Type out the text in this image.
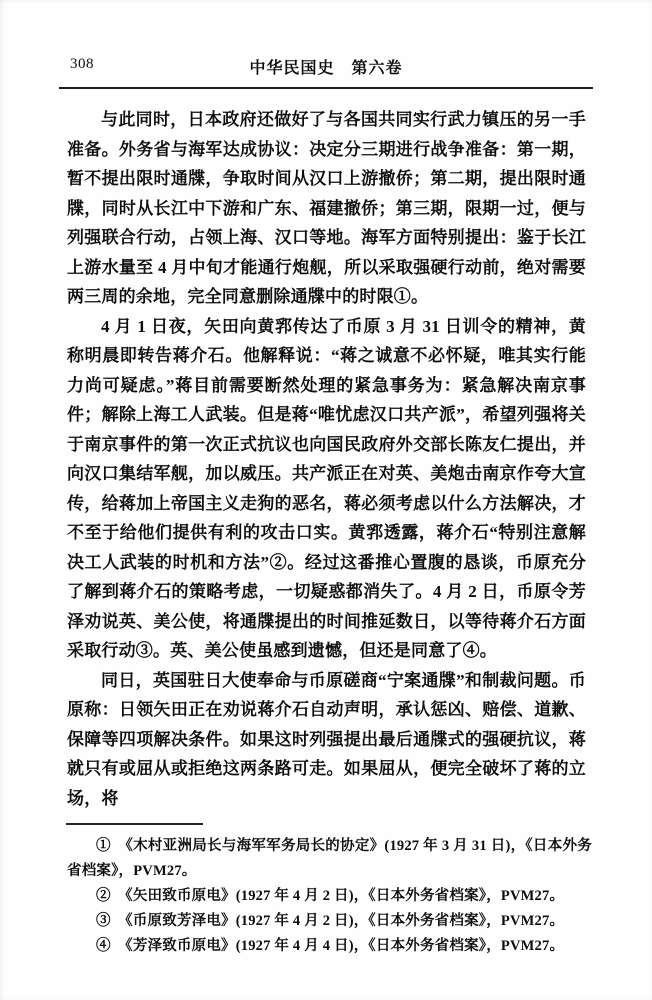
308	中华民国史　第六卷

与此同时，日本政府还做好了与各国共同实行武力镇压的另一手准备。外务省与海军达成协议：决定分三期进行战争准备：第一期，暂不提出限时通牒，争取时间从汉口上游撤侨；第二期，提出限时通牒，同时从长江中下游和广东、福建撤侨；第三期，限期一过，便与列强联合行动，占领上海、汉口等地。海军方面特别提出：鉴于长江上游水量至 4 月中旬才能通行炮舰，所以采取强硬行动前，绝对需要两三周的余地，完全同意删除通牒中的时限①。

4 月 1 日夜，矢田向黄郛传达了币原 3 月 31 日训令的精神，黄称明晨即转告蒋介石。他解释说：“蒋之诚意不必怀疑，唯其实行能力尚可疑虑。”蒋目前需要断然处理的紧急事务为：紧急解决南京事件；解除上海工人武装。但是蒋“唯忧虑汉口共产派”，希望列强将关于南京事件的第一次正式抗议也向国民政府外交部长陈友仁提出，并向汉口集结军舰，加以威压。共产派正在对英、美炮击南京作夸大宣传，给蒋加上帝国主义走狗的恶名，蒋必须考虑以什么方法解决，才不至于给他们提供有利的攻击口实。黄郛透露，蒋介石“特别注意解决工人武装的时机和方法”②。经过这番推心置腹的恳谈，币原充分了解到蒋介石的策略考虑，一切疑惑都消失了。4 月 2 日，币原令芳泽劝说英、美公使，将通牒提出的时间推延数日，以等待蒋介石方面采取行动③。英、美公使虽感到遗憾，但还是同意了④。

同日，英国驻日大使奉命与币原磋商“宁案通牒”和制裁问题。币原称：日领矢田正在劝说蒋介石自动声明，承认惩凶、赔偿、道歉、保障等四项解决条件。如果这时列强提出最后通牒式的强硬抗议，蒋就只有或屈从或拒绝这两条路可走。如果屈从，便完全破坏了蒋的立场，将

①　《木村亚洲局长与海军军务局长的协定》(1927 年 3 月 31 日)，《日本外务省档案》，PVM27。

②　《矢田致币原电》(1927 年 4 月 2 日)，《日本外务省档案》，PVM27。

③　《币原致芳泽电》(1927 年 4 月 2 日)，《日本外务省档案》，PVM27。

④　《芳泽致币原电》(1927 年 4 月 4 日)，《日本外务省档案》，PVM27。
